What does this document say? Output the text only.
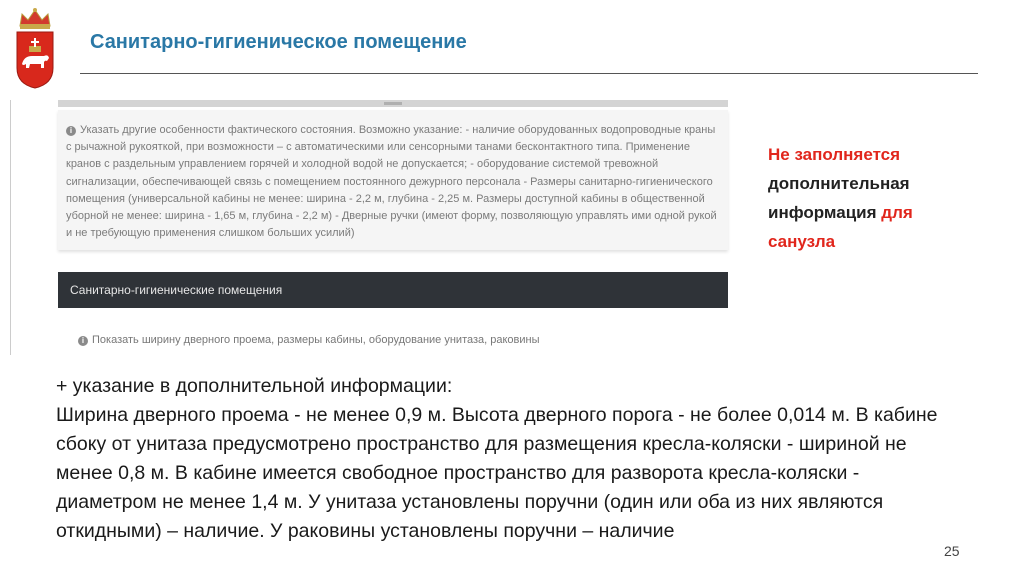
Санитарно-гигиеническое помещение
i Указать другие особенности фактического состояния. Возможно указание: - наличие оборудованных водопроводные краны с рычажной рукояткой, при возможности – с автоматическими или сенсорными танами бесконтактного типа. Применение кранов с раздельным управлением горячей и холодной водой не допускается; - оборудование системой тревожной сигнализации, обеспечивающей связь с помещением постоянного дежурного персонала - Размеры санитарно-гигиенического помещения (универсальной кабины не менее: ширина - 2,2 м, глубина - 2,25 м. Размеры доступной кабины в общественной уборной не менее: ширина - 1,65 м, глубина - 2,2 м) - Дверные ручки (имеют форму, позволяющую управлять ими одной рукой и не требующую применения слишком больших усилий)
Санитарно-гигиенические помещения
i Показать ширину дверного проема, размеры кабины, оборудование унитаза, раковины
Не заполняется
дополнительная
информация для
санузла
+ указание в дополнительной информации:
Ширина дверного проема - не менее 0,9 м. Высота дверного порога - не более 0,014 м. В кабине сбоку от унитаза предусмотрено пространство для размещения кресла-коляски - шириной не менее 0,8 м. В кабине имеется свободное пространство для разворота кресла-коляски - диаметром не менее 1,4 м. У унитаза установлены поручни (один или оба из них являются откидными) – наличие. У раковины установлены поручни – наличие
25
